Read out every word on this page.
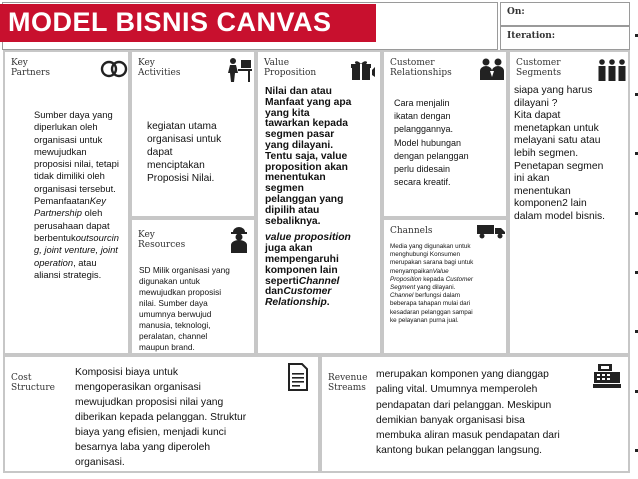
On:
Iteration:
MODEL BISNIS CANVAS
Key
Partners
Sumber daya yang
diperlukan oleh
organisasi untuk
mewujudkan
proposisi nilai, tetapi
tidak dimiliki oleh
organisasi tersebut.
PemanfaatanKey
Partnership oleh
perusahaan dapat
berbentukoutsourcin
g, joint venture, joint
operation, atau
aliansi strategis.
Key
Activities
kegiatan utama
organisasi untuk
dapat
menciptakan
Proposisi Nilai.
Key
Resources
SD Milik organisasi yang
digunakan untuk
mewujudkan proposisi
nilai. Sumber daya
umumnya berwujud
manusia, teknologi,
peralatan, channel
maupun brand.
Value
Proposition
Nilai dan atau
Manfaat yang apa
yang kita
tawarkan kepada
segmen pasar
yang dilayani.
Tentu saja, value
proposition akan
menentukan
segmen
pelanggan yang
dipilih atau
sebaliknya.
value proposition
juga akan
mempengaruhi
komponen lain
sepertiChannel
danCustomer
Relationship.
Customer
Relationships
Cara menjalin
ikatan dengan
pelanggannya.
Model hubungan
dengan pelanggan
perlu didesain
secara kreatif.
Channels
Media yang digunakan untuk
menghubungi Konsumen
merupakan sarana bagi untuk
menyampaikanValue
Proposition kepada Customer
Segment yang dilayani.
Channel berfungsi dalam
beberapa tahapan mulai dari
kesadaran pelanggan sampai
ke pelayanan purna jual.
Customer
Segments
siapa yang harus
dilayani ?
Kita dapat
menetapkan untuk
melayani satu atau
lebih segmen.
Penetapan segmen
ini akan
menentukan
komponen2 lain
dalam model bisnis.
Cost
Structure
Komposisi biaya untuk
mengoperasikan organisasi
mewujudkan proposisi nilai yang
diberikan kepada pelanggan. Struktur
biaya yang efisien, menjadi kunci
besarnya laba yang diperoleh
organisasi.
Revenue
Streams
merupakan komponen yang dianggap
paling vital. Umumnya memperoleh
pendapatan dari pelanggan. Meskipun
demikian banyak organisasi bisa
membuka aliran masuk pendapatan dari
kantong bukan pelanggan langsung.
